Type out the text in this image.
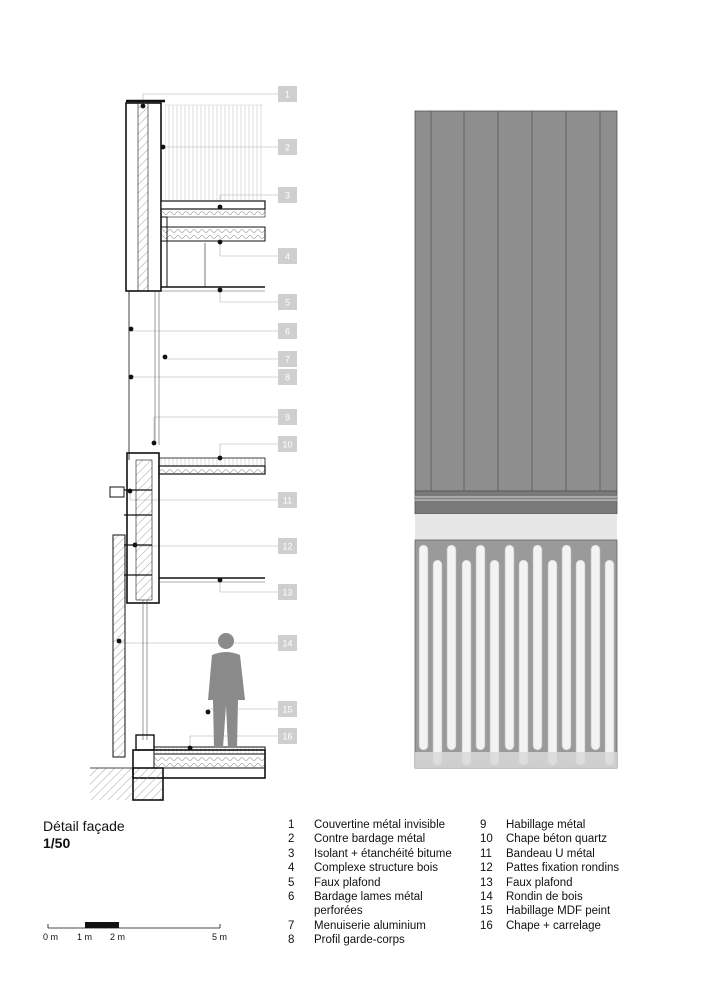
1
2
3
4
5
6
7
8
9
10
11
12
13
14
15
16
Détail façade
1/50
1	Couvertine métal invisible
2	Contre bardage métal
3	Isolant + étanchéité bitume
4	Complexe structure bois
5	Faux plafond
6	Bardage lames métal
perforées
7	Menuiserie aluminium
8	Profil garde-corps
9	Habillage métal
10	Chape béton quartz
11	Bandeau U métal
12	Pattes fixation rondins
13	Faux plafond
14	Rondin de bois
15	Habillage MDF peint
16	Chape + carrelage
0 m 1 m 2 m	5 m
